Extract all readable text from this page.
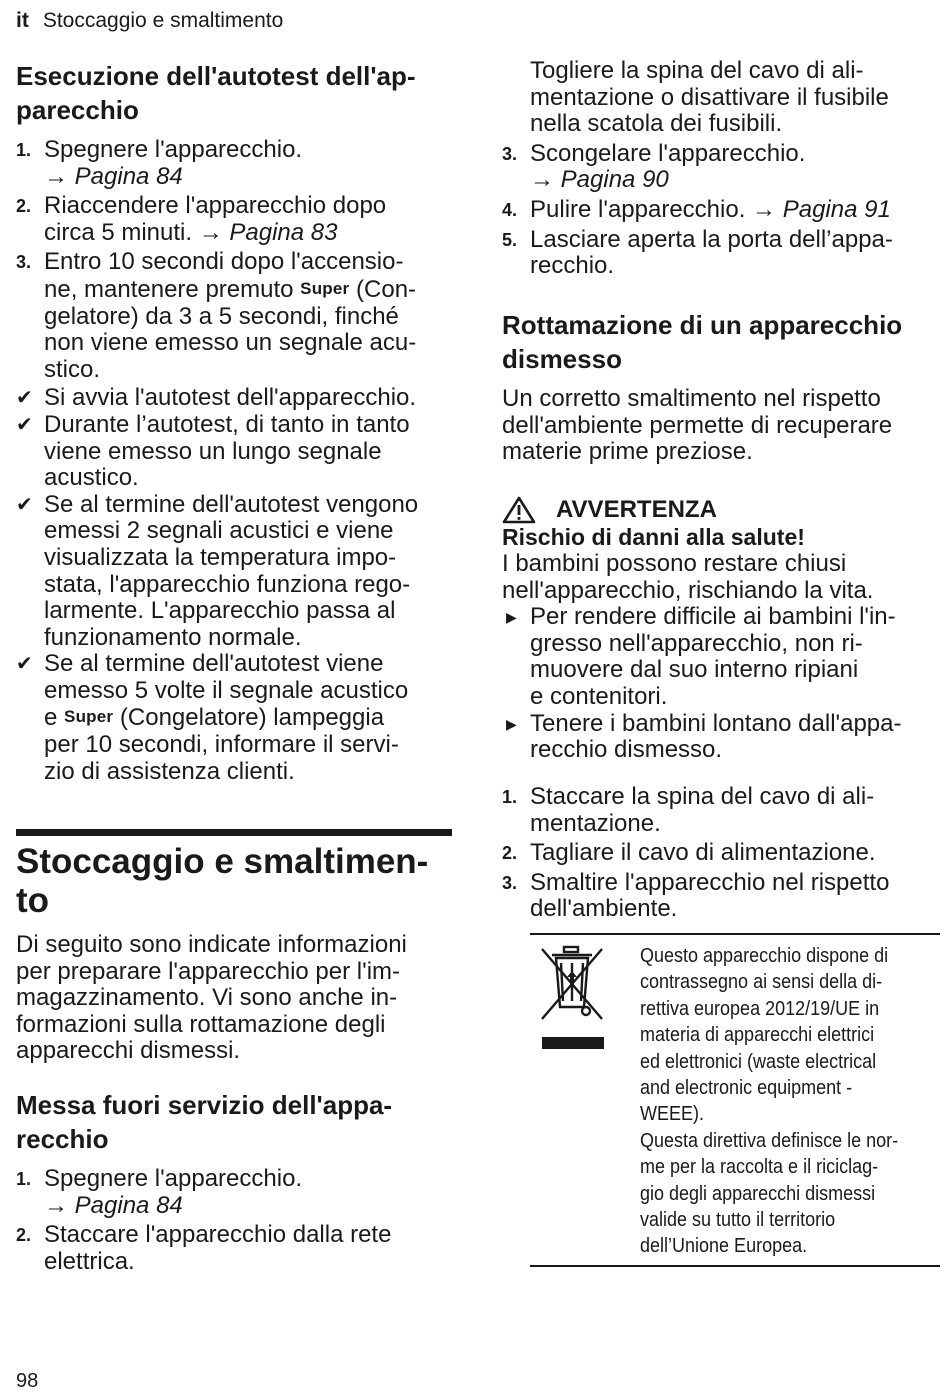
it Stoccaggio e smaltimento
Esecuzione dell'autotest dell'ap-
parecchio
1. Spegnere l'apparecchio.
→ Pagina 84
2. Riaccendere l'apparecchio dopo
circa 5 minuti. → Pagina 83
3. Entro 10 secondi dopo l'accensio-
ne, mantenere premuto Super (Con-
gelatore) da 3 a 5 secondi, finché
non viene emesso un segnale acu-
stico.
✔ Si avvia l'autotest dell'apparecchio.
✔ Durante l’autotest, di tanto in tanto
viene emesso un lungo segnale
acustico.
✔ Se al termine dell'autotest vengono
emessi 2 segnali acustici e viene
visualizzata la temperatura impo-
stata, l'apparecchio funziona rego-
larmente. L'apparecchio passa al
funzionamento normale.
✔ Se al termine dell'autotest viene
emesso 5 volte il segnale acustico
e Super (Congelatore) lampeggia
per 10 secondi, informare il servi-
zio di assistenza clienti.
Stoccaggio e smaltimen-
to
Di seguito sono indicate informazioni
per preparare l'apparecchio per l'im-
magazzinamento. Vi sono anche in-
formazioni sulla rottamazione degli
apparecchi dismessi.
Messa fuori servizio dell'appa-
recchio
1. Spegnere l'apparecchio.
→ Pagina 84
2. Staccare l'apparecchio dalla rete
elettrica.
Togliere la spina del cavo di ali-
mentazione o disattivare il fusibile
nella scatola dei fusibili.
3. Scongelare l'apparecchio.
→ Pagina 90
4. Pulire l'apparecchio. → Pagina 91
5. Lasciare aperta la porta dell’appa-
recchio.
Rottamazione di un apparecchio
dismesso
Un corretto smaltimento nel rispetto
dell'ambiente permette di recuperare
materie prime preziose.
AVVERTENZA
Rischio di danni alla salute!
I bambini possono restare chiusi
nell'apparecchio, rischiando la vita.
▶ Per rendere difficile ai bambini l'in-
gresso nell'apparecchio, non ri-
muovere dal suo interno ripiani
e contenitori.
▶ Tenere i bambini lontano dall'appa-
recchio dismesso.
1. Staccare la spina del cavo di ali-
mentazione.
2. Tagliare il cavo di alimentazione.
3. Smaltire l'apparecchio nel rispetto
dell'ambiente.
Questo apparecchio dispone di
contrassegno ai sensi della di-
rettiva europea 2012/19/UE in
materia di apparecchi elettrici
ed elettronici (waste electrical
and electronic equipment -
WEEE).
Questa direttiva definisce le nor-
me per la raccolta e il riciclag-
gio degli apparecchi dismessi
valide su tutto il territorio
dell’Unione Europea.
98
